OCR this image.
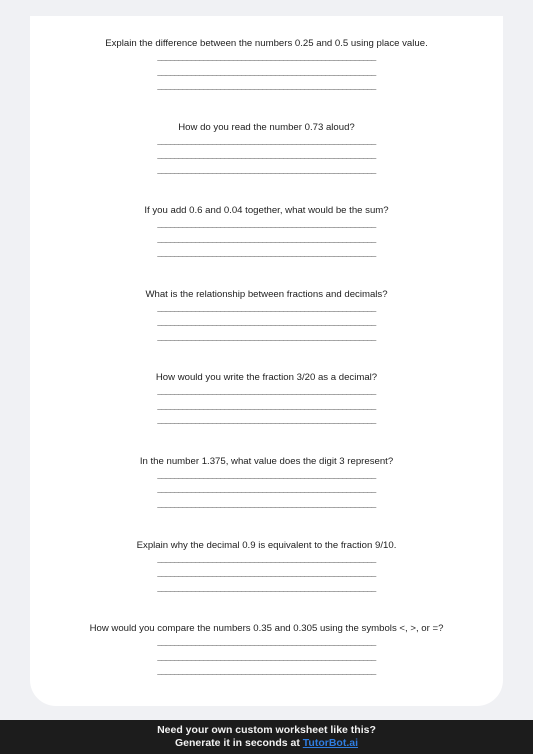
Explain the difference between the numbers 0.25 and 0.5 using place value.
____________________________________________________
____________________________________________________
____________________________________________________
How do you read the number 0.73 aloud?
____________________________________________________
____________________________________________________
____________________________________________________
If you add 0.6 and 0.04 together, what would be the sum?
____________________________________________________
____________________________________________________
____________________________________________________
What is the relationship between fractions and decimals?
____________________________________________________
____________________________________________________
____________________________________________________
How would you write the fraction 3/20 as a decimal?
____________________________________________________
____________________________________________________
____________________________________________________
In the number 1.375, what value does the digit 3 represent?
____________________________________________________
____________________________________________________
____________________________________________________
Explain why the decimal 0.9 is equivalent to the fraction 9/10.
____________________________________________________
____________________________________________________
____________________________________________________
How would you compare the numbers 0.35 and 0.305 using the symbols <, >, or =?
____________________________________________________
____________________________________________________
____________________________________________________
Need your own custom worksheet like this?
Generate it in seconds at TutorBot.ai
